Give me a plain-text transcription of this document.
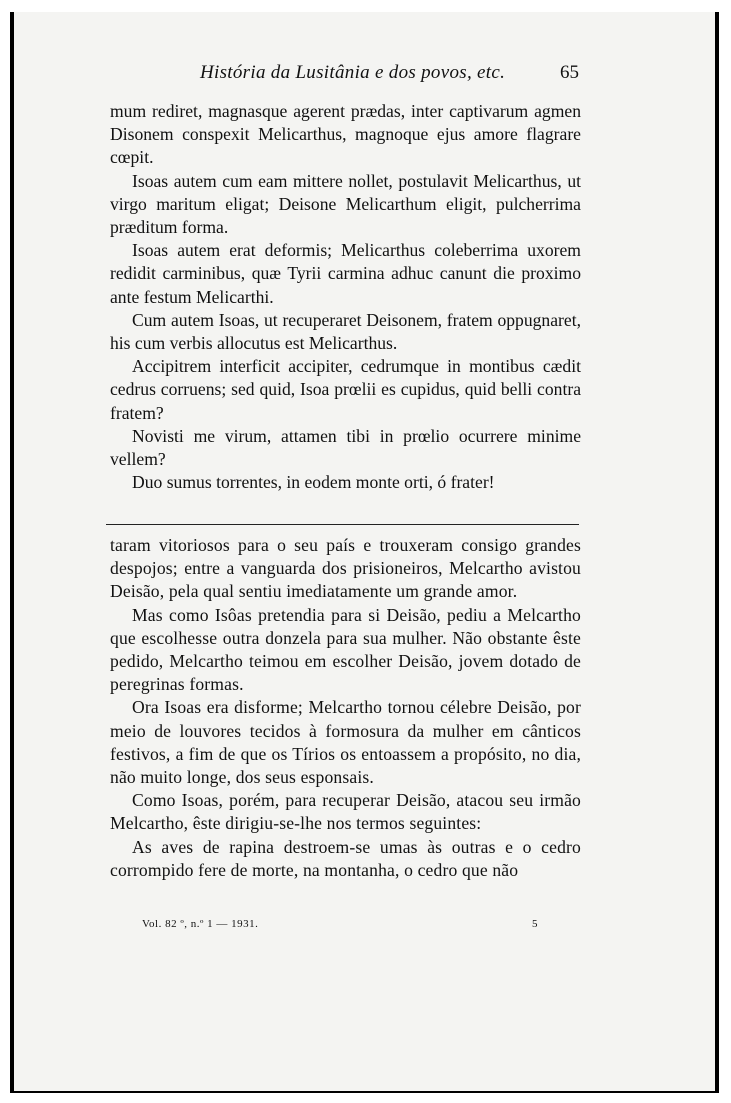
História da Lusitânia e dos povos, etc.	65

mum rediret, magnasque agerent prædas, inter captivarum agmen Disonem conspexit Melicarthus, magnoque ejus amore flagrare cœpit.

Isoas autem cum eam mittere nollet, postulavit Melicarthus, ut virgo maritum eligat; Deisone Melicarthum eligit, pulcherrima præditum forma.

Isoas autem erat deformis; Melicarthus coleberrima uxorem redidit carminibus, quæ Tyrii carmina adhuc canunt die proximo ante festum Melicarthi.

Cum autem Isoas, ut recuperaret Deisonem, fratem oppugnaret, his cum verbis allocutus est Melicarthus.

Accipitrem interficit accipiter, cedrumque in montibus cædit cedrus corruens; sed quid, Isoa prœlii es cupidus, quid belli contra fratem?

Novisti me virum, attamen tibi in prœlio ocurrere minime vellem?

Duo sumus torrentes, in eodem monte orti, ó frater!

taram vitoriosos para o seu país e trouxeram consigo grandes despojos; entre a vanguarda dos prisioneiros, Melcartho avistou Deisão, pela qual sentiu imediatamente um grande amor.

Mas como Isôas pretendia para si Deisão, pediu a Melcartho que escolhesse outra donzela para sua mulher. Não obstante êste pedido, Melcartho teimou em escolher Deisão, jovem dotado de peregrinas formas.

Ora Isoas era disforme; Melcartho tornou célebre Deisão, por meio de louvores tecidos à formosura da mulher em cânticos festivos, a fim de que os Tírios os entoassem a propósito, no dia, não muito longe, dos seus esponsais.

Como Isoas, porém, para recuperar Deisão, atacou seu irmão Melcartho, êste dirigiu-se-lhe nos termos seguintes:

As aves de rapina destroem-se umas às outras e o cedro corrompido fere de morte, na montanha, o cedro que não

Vol. 82 º, n.º 1 — 1931.	5
